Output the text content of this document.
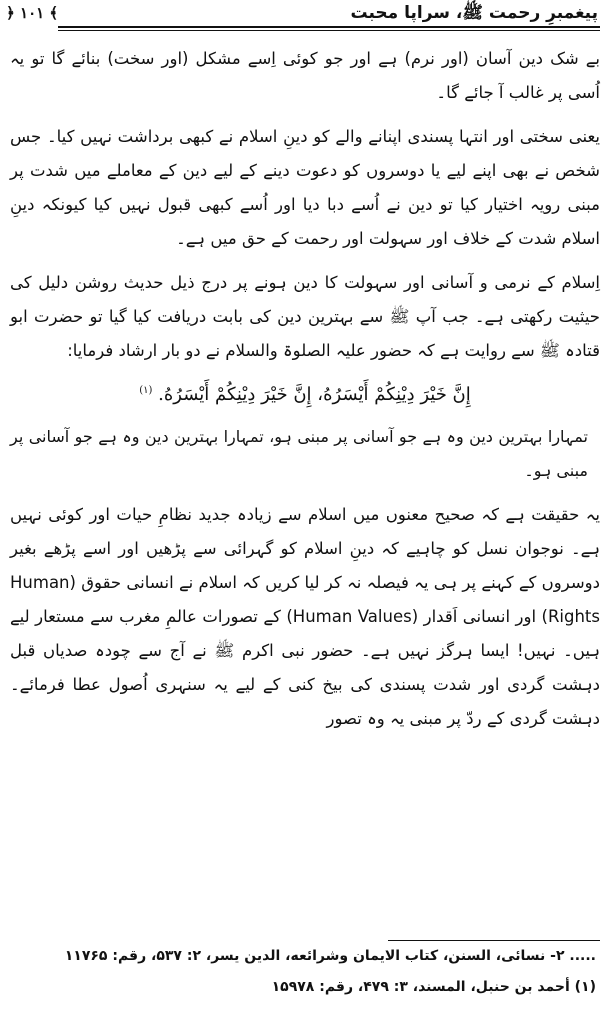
پیغمبرِ رحمت ﷺ، سراپا محبت
﴿ ۱۰۱ ﴾

بے شک دین آسان (اور نرم) ہے اور جو کوئی اِسے مشکل (اور سخت) بنائے گا تو یہ اُسی پر غالب آ جائے گا۔

یعنی سختی اور انتہا پسندی اپنانے والے کو دینِ اسلام نے کبھی برداشت نہیں کیا۔ جس شخص نے بھی اپنے لیے یا دوسروں کو دعوت دینے کے لیے دین کے معاملے میں شدت پر مبنی رویہ اختیار کیا تو دین نے اُسے دبا دیا اور اُسے کبھی قبول نہیں کیا کیونکہ دینِ اسلام شدت کے خلاف اور سہولت اور رحمت کے حق میں ہے۔

اِسلام کے نرمی و آسانی اور سہولت کا دین ہونے پر درج ذیل حدیث روشن دلیل کی حیثیت رکھتی ہے۔ جب آپ ﷺ سے بہترین دین کی بابت دریافت کیا گیا تو حضرت ابو قتادہ ﷺ سے روایت ہے کہ حضور علیہ الصلوۃ والسلام نے دو بار ارشاد فرمایا:

إِنَّ خَيْرَ دِيْنِكُمْ أَيْسَرُهُ، إِنَّ خَيْرَ دِيْنِكُمْ أَيْسَرُهُ. $^{(۱)}$

تمہارا بہترین دین وہ ہے جو آسانی پر مبنی ہو، تمہارا بہترین دین وہ ہے جو آسانی پر مبنی ہو۔

یہ حقیقت ہے کہ صحیح معنوں میں اسلام سے زیادہ جدید نظامِ حیات اور کوئی نہیں ہے۔ نوجوان نسل کو چاہیے کہ دینِ اسلام کو گہرائی سے پڑھیں اور اسے پڑھے بغیر دوسروں کے کہنے پر ہی یہ فیصلہ نہ کر لیا کریں کہ اسلام نے انسانی حقوق (Human Rights) اور انسانی اَقدار (Human Values) کے تصورات عالمِ مغرب سے مستعار لیے ہیں۔ نہیں! ایسا ہرگز نہیں ہے۔ حضور نبی اکرم ﷺ نے آج سے چودہ صدیاں قبل دہشت گردی اور شدت پسندی کی بیخ کنی کے لیے یہ سنہری اُصول عطا فرمائے۔ دہشت گردی کے ردّ پر مبنی یہ وہ تصور

..... ۲- نسائی، السنن، كتاب الايمان وشرائعه، الدين يسر، ۲: ۵۳۷، رقم: ۱۱۷۶۵

(۱) أحمد بن حنبل، المسند، ۳: ۴۷۹، رقم: ۱۵۹۷۸
